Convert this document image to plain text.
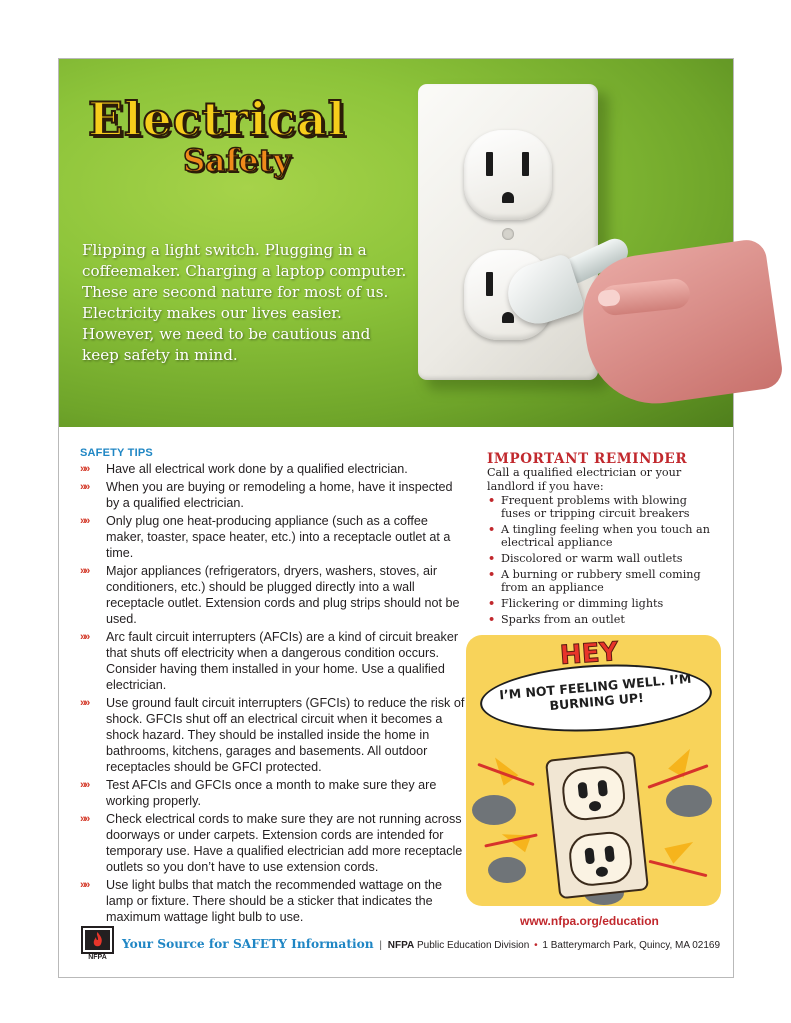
Electrical
Safety
Flipping a light switch. Plugging in a coffeemaker. Charging a laptop computer. These are second nature for most of us. Electricity makes our lives easier. However, we need to be cautious and keep safety in mind.
SAFETY TIPS
»» Have all electrical work done by a qualified electrician.
»» When you are buying or remodeling a home, have it inspected by a qualified electrician.
»» Only plug one heat-producing appliance (such as a coffee maker, toaster, space heater, etc.) into a receptacle outlet at a time.
»» Major appliances (refrigerators, dryers, washers, stoves, air conditioners, etc.) should be plugged directly into a wall receptacle outlet. Extension cords and plug strips should not be used.
»» Arc fault circuit interrupters (AFCIs) are a kind of circuit breaker that shuts off electricity when a dangerous condition occurs. Consider having them installed in your home. Use a qualified electrician.
»» Use ground fault circuit interrupters (GFCIs) to reduce the risk of shock. GFCIs shut off an electrical circuit when it becomes a shock hazard. They should be installed inside the home in bathrooms, kitchens, garages and basements. All outdoor receptacles should be GFCI protected.
»» Test AFCIs and GFCIs once a month to make sure they are working properly.
»» Check electrical cords to make sure they are not running across doorways or under carpets. Extension cords are intended for temporary use. Have a qualified electrician add more receptacle outlets so you don’t have to use extension cords.
»» Use light bulbs that match the recommended wattage on the lamp or fixture. There should be a sticker that indicates the maximum wattage light bulb to use.
IMPORTANT REMINDER
Call a qualified electrician or your landlord if you have:
• Frequent problems with blowing fuses or tripping circuit breakers
• A tingling feeling when you touch an electrical appliance
• Discolored or warm wall outlets
• A burning or rubbery smell coming from an appliance
• Flickering or dimming lights
• Sparks from an outlet
HEY
I’M NOT FEELING WELL. I’M BURNING UP!
www.nfpa.org/education
NFPA
Your Source for SAFETY Information | NFPA Public Education Division • 1 Batterymarch Park, Quincy, MA 02169
